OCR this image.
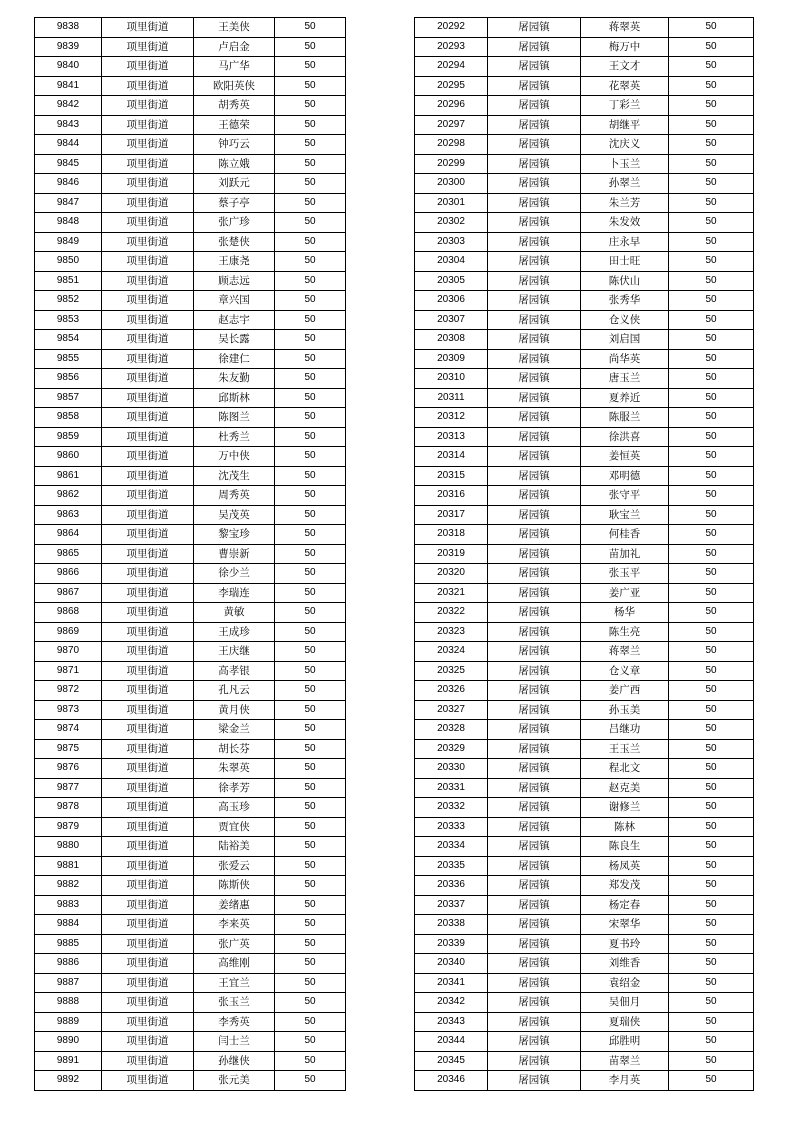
9838	项里街道	王美侠	50
9839	项里街道	卢启金	50
9840	项里街道	马广华	50
9841	项里街道	欧阳英侠	50
9842	项里街道	胡秀英	50
9843	项里街道	王德荣	50
9844	项里街道	钟巧云	50
9845	项里街道	陈立娥	50
9846	项里街道	刘跃元	50
9847	项里街道	蔡子亭	50
9848	项里街道	张广珍	50
9849	项里街道	张楚侠	50
9850	项里街道	王康尧	50
9851	项里街道	顾志远	50
9852	项里街道	章兴国	50
9853	项里街道	赵志宇	50
9854	项里街道	吴长露	50
9855	项里街道	徐建仁	50
9856	项里街道	朱友勤	50
9857	项里街道	邱斯林	50
9858	项里街道	陈图兰	50
9859	项里街道	杜秀兰	50
9860	项里街道	万中侠	50
9861	项里街道	沈茂生	50
9862	项里街道	周秀英	50
9863	项里街道	吴茂英	50
9864	项里街道	黎宝珍	50
9865	项里街道	曹崇新	50
9866	项里街道	徐少兰	50
9867	项里街道	李瑞连	50
9868	项里街道	黄敏	50
9869	项里街道	王成珍	50
9870	项里街道	王庆继	50
9871	项里街道	高孝银	50
9872	项里街道	孔凡云	50
9873	项里街道	黄月侠	50
9874	项里街道	梁金兰	50
9875	项里街道	胡长芬	50
9876	项里街道	朱翠英	50
9877	项里街道	徐孝芳	50
9878	项里街道	高玉珍	50
9879	项里街道	贾宜侠	50
9880	项里街道	陆裕美	50
9881	项里街道	张爱云	50
9882	项里街道	陈斯侠	50
9883	项里街道	姜绪惠	50
9884	项里街道	李来英	50
9885	项里街道	张广英	50
9886	项里街道	高维刚	50
9887	项里街道	王宜兰	50
9888	项里街道	张玉兰	50
9889	项里街道	李秀英	50
9890	项里街道	闫士兰	50
9891	项里街道	孙继侠	50
9892	项里街道	张元美	50
20292	屠园镇	蒋翠英	50
20293	屠园镇	梅万中	50
20294	屠园镇	王文才	50
20295	屠园镇	花翠英	50
20296	屠园镇	丁彩兰	50
20297	屠园镇	胡继平	50
20298	屠园镇	沈庆义	50
20299	屠园镇	卜玉兰	50
20300	屠园镇	孙翠兰	50
20301	屠园镇	朱兰芳	50
20302	屠园镇	朱发效	50
20303	屠园镇	庄永早	50
20304	屠园镇	田士旺	50
20305	屠园镇	陈伏山	50
20306	屠园镇	张秀华	50
20307	屠园镇	仓义侠	50
20308	屠园镇	刘启国	50
20309	屠园镇	尚华英	50
20310	屠园镇	唐玉兰	50
20311	屠园镇	夏养近	50
20312	屠园镇	陈服兰	50
20313	屠园镇	徐洪喜	50
20314	屠园镇	姜恒英	50
20315	屠园镇	邓明德	50
20316	屠园镇	张守平	50
20317	屠园镇	耿宝兰	50
20318	屠园镇	何桂香	50
20319	屠园镇	苗加礼	50
20320	屠园镇	张玉平	50
20321	屠园镇	姜广亚	50
20322	屠园镇	杨华	50
20323	屠园镇	陈生亮	50
20324	屠园镇	蒋翠兰	50
20325	屠园镇	仓义章	50
20326	屠园镇	姜广西	50
20327	屠园镇	孙玉美	50
20328	屠园镇	吕继功	50
20329	屠园镇	王玉兰	50
20330	屠园镇	程北文	50
20331	屠园镇	赵克美	50
20332	屠园镇	谢修兰	50
20333	屠园镇	陈林	50
20334	屠园镇	陈良生	50
20335	屠园镇	杨凤英	50
20336	屠园镇	郑发茂	50
20337	屠园镇	杨定春	50
20338	屠园镇	宋翠华	50
20339	屠园镇	夏书玲	50
20340	屠园镇	刘维香	50
20341	屠园镇	袁绍金	50
20342	屠园镇	吴佃月	50
20343	屠园镇	夏瑞侠	50
20344	屠园镇	邱胜明	50
20345	屠园镇	苗翠兰	50
20346	屠园镇	李月英	50
